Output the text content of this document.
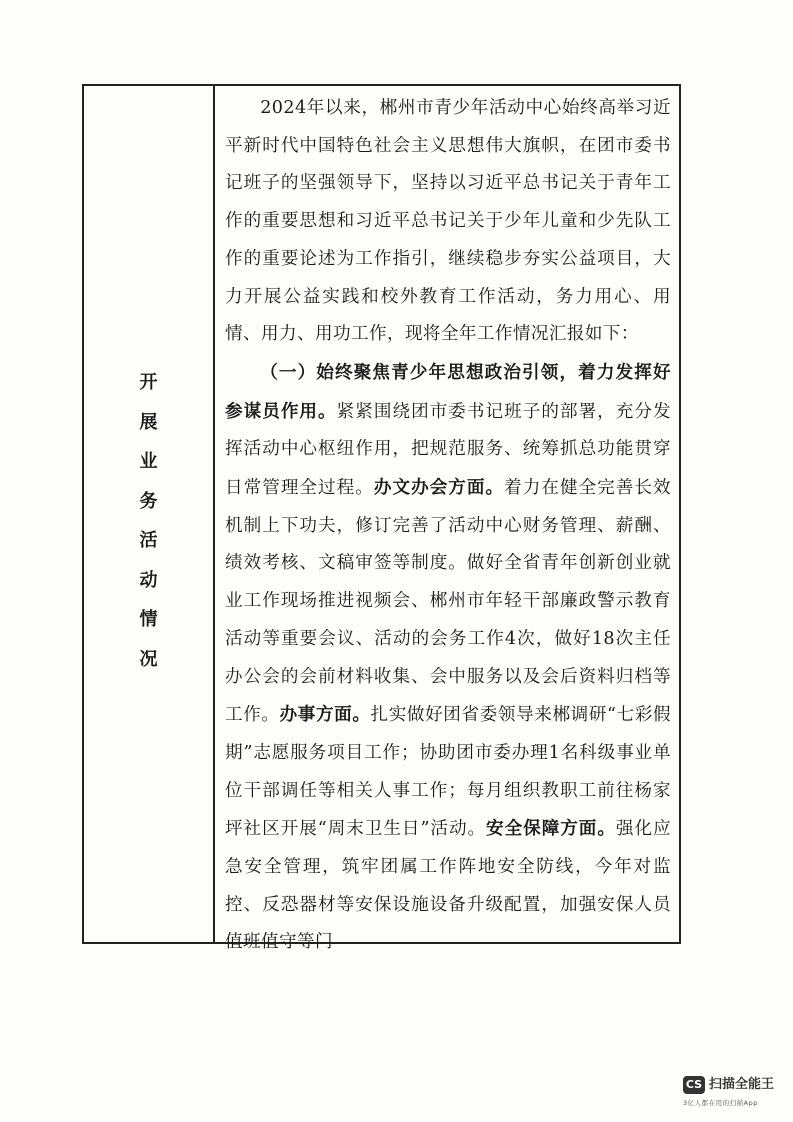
开
展
业
务
活
动
情
况

2024年以来，郴州市青少年活动中心始终高举习近平新时代中国特色社会主义思想伟大旗帜，在团市委书记班子的坚强领导下，坚持以习近平总书记关于青年工作的重要思想和习近平总书记关于少年儿童和少先队工作的重要论述为工作指引，继续稳步夯实公益项目，大力开展公益实践和校外教育工作活动，务力用心、用情、用力、用功工作，现将全年工作情况汇报如下：

（一）始终聚焦青少年思想政治引领，着力发挥好参谋员作用。紧紧围绕团市委书记班子的部署，充分发挥活动中心枢纽作用，把规范服务、统筹抓总功能贯穿日常管理全过程。办文办会方面。着力在健全完善长效机制上下功夫，修订完善了活动中心财务管理、薪酬、绩效考核、文稿审签等制度。做好全省青年创新创业就业工作现场推进视频会、郴州市年轻干部廉政警示教育活动等重要会议、活动的会务工作4次，做好18次主任办公会的会前材料收集、会中服务以及会后资料归档等工作。办事方面。扎实做好团省委领导来郴调研“七彩假期”志愿服务项目工作；协助团市委办理1名科级事业单位干部调任等相关人事工作；每月组织教职工前往杨家坪社区开展“周末卫生日”活动。安全保障方面。强化应急安全管理，筑牢团属工作阵地安全防线，今年对监控、反恐器材等安保设施设备升级配置，加强安保人员值班值守等门

CS 扫描全能王
3亿人都在用的扫描App
